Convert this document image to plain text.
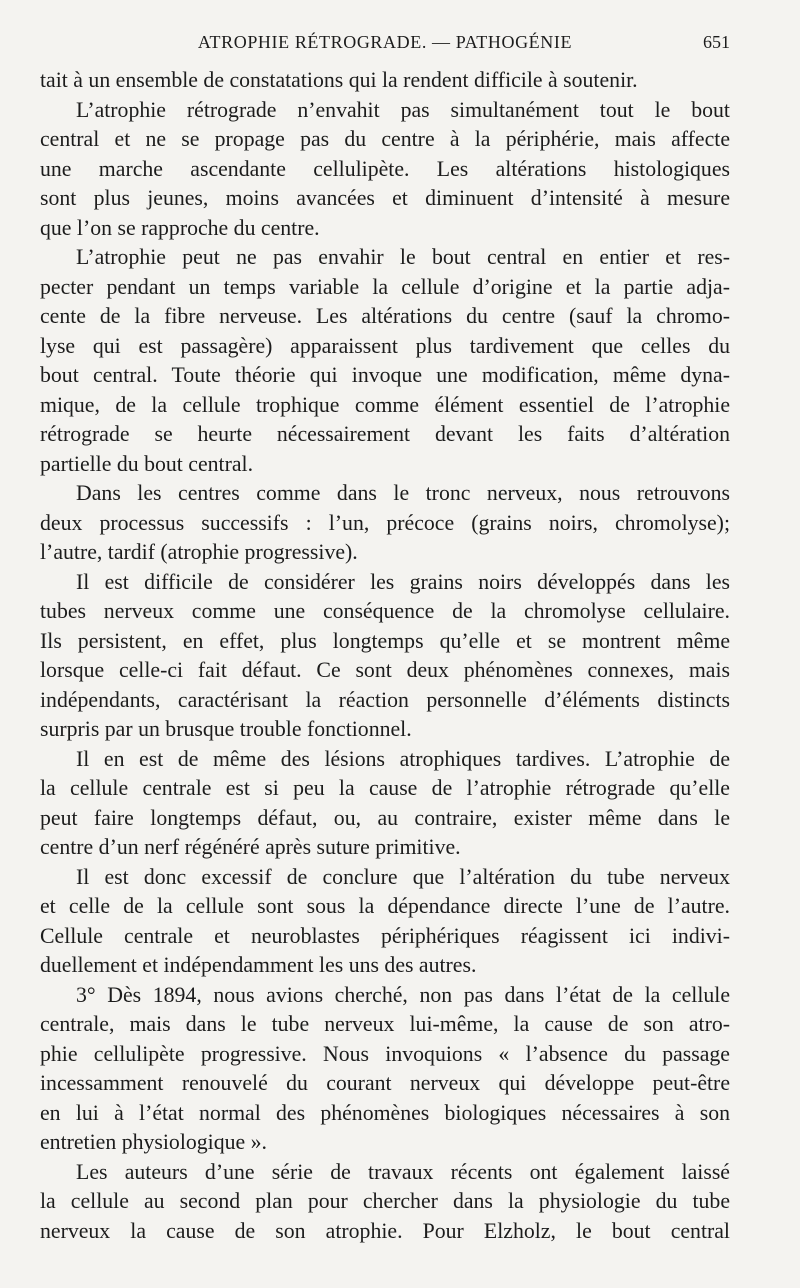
ATROPHIE RÉTROGRADE. — PATHOGÉNIE	651
tait à un ensemble de constatations qui la rendent difficile à soutenir.
L’atrophie rétrograde n’envahit pas simultanément tout le bout
central et ne se propage pas du centre à la périphérie, mais affecte
une marche ascendante cellulipète. Les altérations histologiques
sont plus jeunes, moins avancées et diminuent d’intensité à mesure
que l’on se rapproche du centre.
L’atrophie peut ne pas envahir le bout central en entier et res-
pecter pendant un temps variable la cellule d’origine et la partie adja-
cente de la fibre nerveuse. Les altérations du centre (sauf la chromo-
lyse qui est passagère) apparaissent plus tardivement que celles du
bout central. Toute théorie qui invoque une modification, même dyna-
mique, de la cellule trophique comme élément essentiel de l’atrophie
rétrograde se heurte nécessairement devant les faits d’altération
partielle du bout central.
Dans les centres comme dans le tronc nerveux, nous retrouvons
deux processus successifs : l’un, précoce (grains noirs, chromolyse);
l’autre, tardif (atrophie progressive).
Il est difficile de considérer les grains noirs développés dans les
tubes nerveux comme une conséquence de la chromolyse cellulaire.
Ils persistent, en effet, plus longtemps qu’elle et se montrent même
lorsque celle-ci fait défaut. Ce sont deux phénomènes connexes, mais
indépendants, caractérisant la réaction personnelle d’éléments distincts
surpris par un brusque trouble fonctionnel.
Il en est de même des lésions atrophiques tardives. L’atrophie de
la cellule centrale est si peu la cause de l’atrophie rétrograde qu’elle
peut faire longtemps défaut, ou, au contraire, exister même dans le
centre d’un nerf régénéré après suture primitive.
Il est donc excessif de conclure que l’altération du tube nerveux
et celle de la cellule sont sous la dépendance directe l’une de l’autre.
Cellule centrale et neuroblastes périphériques réagissent ici indivi-
duellement et indépendamment les uns des autres.
3° Dès 1894, nous avions cherché, non pas dans l’état de la cellule
centrale, mais dans le tube nerveux lui-même, la cause de son atro-
phie cellulipète progressive. Nous invoquions « l’absence du passage
incessamment renouvelé du courant nerveux qui développe peut-être
en lui à l’état normal des phénomènes biologiques nécessaires à son
entretien physiologique ».
Les auteurs d’une série de travaux récents ont également laissé
la cellule au second plan pour chercher dans la physiologie du tube
nerveux la cause de son atrophie. Pour Elzholz, le bout central
